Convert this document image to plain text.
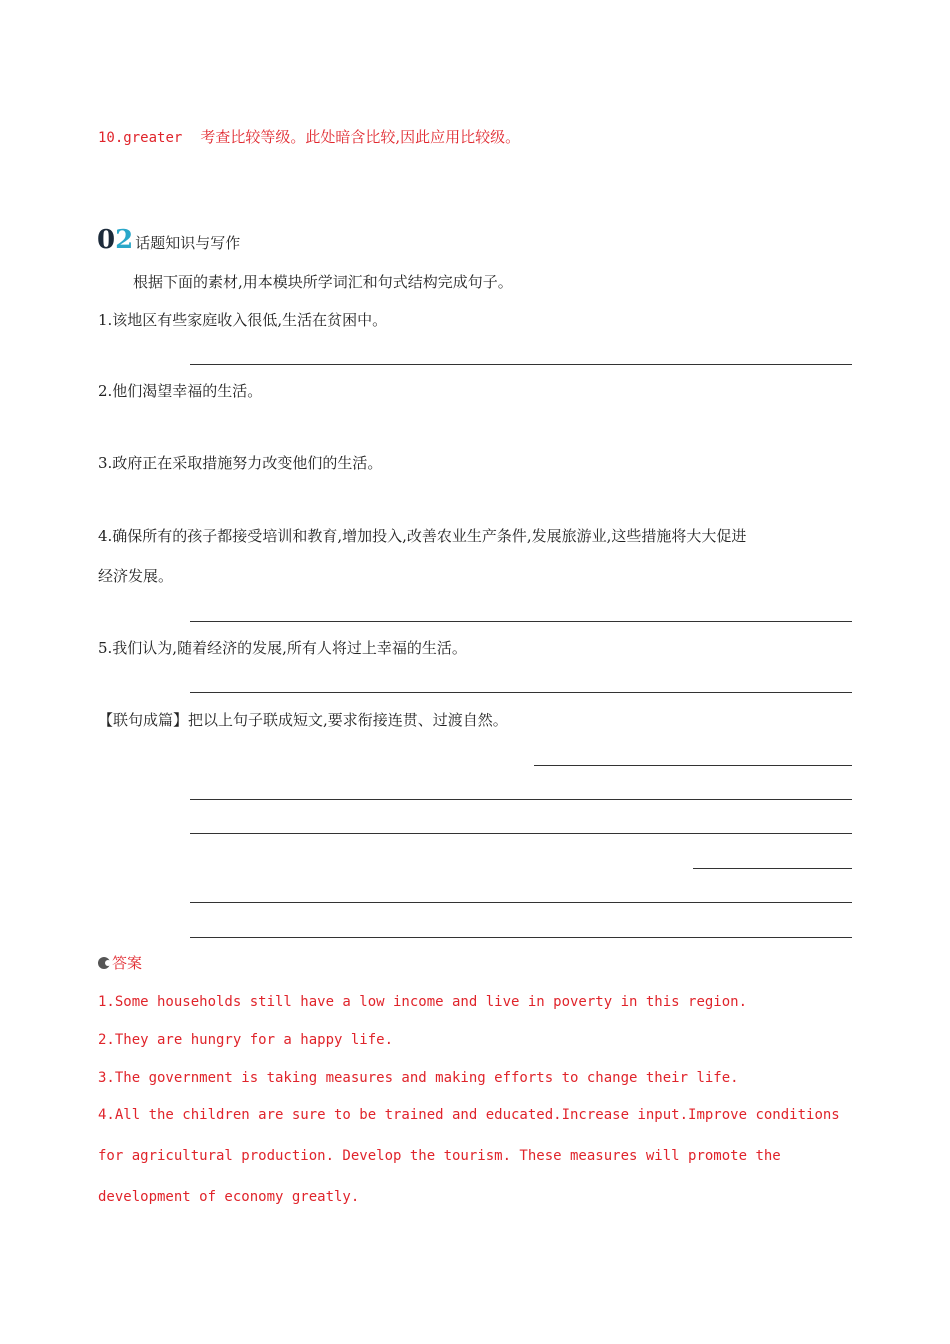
10.greater 考查比较等级。此处暗含比较,因此应用比较级。
0 2 话题知识与写作
根据下面的素材,用本模块所学词汇和句式结构完成句子。
1.该地区有些家庭收入很低,生活在贫困中。
2.他们渴望幸福的生活。
3.政府正在采取措施努力改变他们的生活。
4.确保所有的孩子都接受培训和教育,增加投入,改善农业生产条件,发展旅游业,这些措施将大大促进
经济发展。
5.我们认为,随着经济的发展,所有人将过上幸福的生活。
【联句成篇】把以上句子联成短文,要求衔接连贯、过渡自然。
答案
1.Some households still have a low income and live in poverty in this region.
2.They are hungry for a happy life.
3.The government is taking measures and making efforts to change their life.
4.All the children are sure to be trained and educated.Increase input.Improve conditions
for agricultural production. Develop the tourism. These measures will promote the
development of economy greatly.
